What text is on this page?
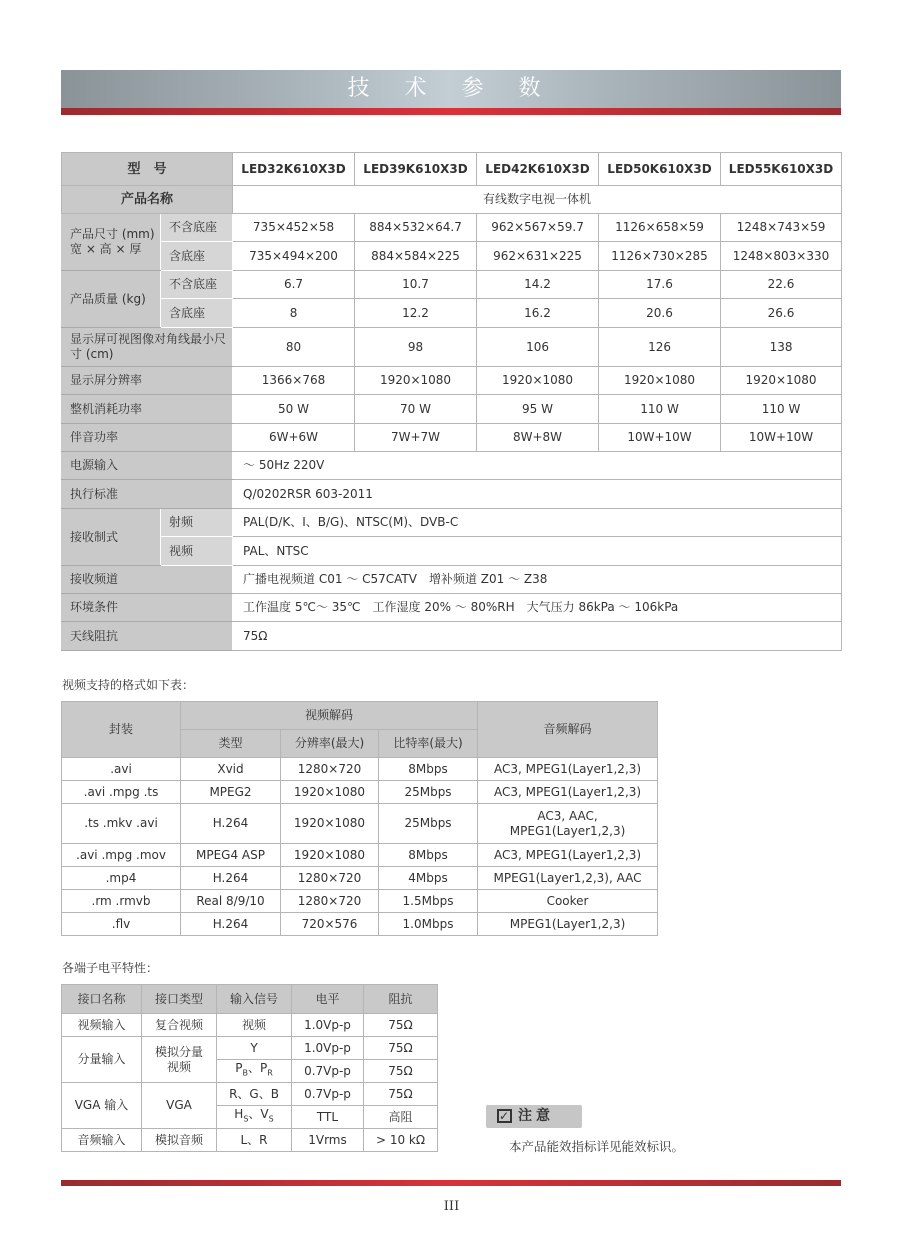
技 术 参 数
型　号		LED32K610X3D	LED39K610X3D	LED42K610X3D	LED50K610X3D	LED55K610X3D
产品名称		有线数字电视一体机				
产品尺寸 (mm) 宽 × 高 × 厚	不含底座	735×452×58	884×532×64.7	962×567×59.7	1126×658×59	1248×743×59
	含底座	735×494×200	884×584×225	962×631×225	1126×730×285	1248×803×330
产品质量 (kg)	不含底座	6.7	10.7	14.2	17.6	22.6
	含底座	8	12.2	16.2	20.6	26.6
显示屏可视图像对角线最小尺寸 (cm)		80	98	106	126	138
显示屏分辨率		1366×768	1920×1080	1920×1080	1920×1080	1920×1080
整机消耗功率		50 W	70 W	95 W	110 W	110 W
伴音功率		6W+6W	7W+7W	8W+8W	10W+10W	10W+10W
电源输入		～ 50Hz 220V				
执行标准		Q/0202RSR 603-2011				
接收制式	射频	PAL(D/K、I、B/G)、NTSC(M)、DVB-C				
	视频	PAL、NTSC				
接收频道		广播电视频道 C01 ～ C57CATV　增补频道 Z01 ～ Z38				
环境条件		工作温度 5℃～ 35℃　工作湿度 20% ～ 80%RH　大气压力 86kPa ～ 106kPa				
天线阻抗		75Ω				
视频支持的格式如下表：
封装	视频解码			音频解码
	类型	分辨率(最大)	比特率(最大)	
.avi	Xvid	1280×720	8Mbps	AC3, MPEG1(Layer1,2,3)
.avi .mpg .ts	MPEG2	1920×1080	25Mbps	AC3, MPEG1(Layer1,2,3)
.ts .mkv .avi	H.264	1920×1080	25Mbps	AC3, AAC, MPEG1(Layer1,2,3)
.avi .mpg .mov	MPEG4 ASP	1920×1080	8Mbps	AC3, MPEG1(Layer1,2,3)
.mp4	H.264	1280×720	4Mbps	MPEG1(Layer1,2,3), AAC
.rm .rmvb	Real 8/9/10	1280×720	1.5Mbps	Cooker
.flv	H.264	720×576	1.0Mbps	MPEG1(Layer1,2,3)
各端子电平特性：
接口名称	接口类型	输入信号	电平	阻抗
视频输入	复合视频	视频	1.0Vp-p	75Ω
分量输入	模拟分量视频	Y	1.0Vp-p	75Ω
		$P_B$、$P_R$	0.7Vp-p	75Ω
VGA 输入	VGA	R、G、B	0.7Vp-p	75Ω
		$H_S$、$V_S$	TTL	高阻
音频输入	模拟音频	L、R	1Vrms	> 10 kΩ
✓ 注意
本产品能效指标详见能效标识。
III
